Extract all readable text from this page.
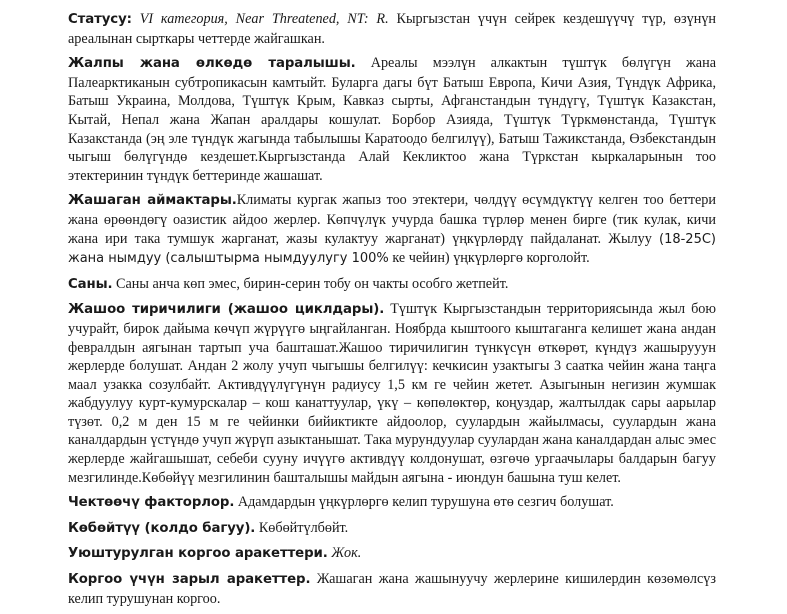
Статусу: VI категория, Near Threatened, NT: R. Кыргызстан үчүн сейрек кездешүүчү түр, өзүнүн ареалынан сырткары четтерде жайгашкан.

Жалпы жана өлкөдө таралышы. Ареалы мээлүн алкактын түштүк бөлүгүн жана Палеарктиканын субтропикасын камтыйт. Буларга дагы бүт Батыш Европа, Кичи Азия, Түндүк Африка, Батыш Украина, Молдова, Түштүк Крым, Кавказ сырты, Афганстандын түндүгү, Түштүк Казакстан, Кытай, Непал жана Жапан аралдары кошулат. Борбор Азияда, Түштүк Түркмөнстанда, Түштүк Казакстанда (эң эле түндүк жагында табылышы Каратоодо белгилүү), Батыш Тажикстанда, Өзбекстандын чыгыш бөлүгүндө кездешет.Кыргызстанда Алай Кекликтоо жана Түркстан кыркаларынын тоо этектеринин түндүк беттеринде жашашат.

Жашаган аймактары.Климаты кургак жапыз тоо этектери, чөлдүү өсүмдүктүү келген тоо беттери жана өрөөндөгү оазистик айдоо жерлер. Көпчүлүк учурда башка түрлөр менен бирге (тик кулак, кичи жана ири така тумшук жарганат, жазы кулактуу жарганат) үңкүрлөрдү пайдаланат. Жылуу (18-25С) жана нымдуу (салыштырма нымдуулугу 100% ке чейин) үңкүрлөргө корголойт.

Саны. Саны анча көп эмес, бирин-серин тобу он чакты особго жетпейт.

Жашоо тиричилиги (жашоо циклдары). Түштүк Кыргызстандын территориясында жыл бою учурайт, бирок дайыма көчүп жүрүүгө ыңгайланган. Ноябрда кыштоого кыштаганга келишет жана андан февралдын аягынан тартып уча башташат.Жашоо тиричилигин түнкүсүн өткөрөт, күндүз жашырууун жерлерде болушат. Андан 2 жолу учуп чыгышы белгилүү: кечкисин узактыгы 3 саатка чейин жана таңга маал узакка созулбайт. Активдүүлүгүнүн радиусу 1,5 км ге чейин жетет. Азыгынын негизин жумшак жабдуулуу курт-кумурскалар – кош канаттуулар, үкү – көпөлөктөр, коңуздар, жалтылдак сары аарылар түзөт. 0,2 м ден 15 м ге чейинки бийиктикте айдоолор, суулардын жайылмасы, суулардын жана каналдардын үстүндө учуп жүрүп азыктанышат. Така мурундуулар суулардан жана каналдардан алыс эмес жерлерде жайгашышат, себеби сууну ичүүгө активдүү колдонушат, өзгөчө ургаачылары балдарын багуу мезгилинде.Көбөйүү мезгилинин башталышы майдын аягына - июндун башына туш келет.

Чектөөчү факторлор. Адамдардын үңкүрлөргө келип турушуна өтө сезгич болушат.

Көбөйтүү (колдо багуу). Көбөйтүлбөйт.

Уюштурулган коргоо аракеттери. Жок.

Коргоо үчүн зарыл аракеттер. Жашаган жана жашынуучу жерлерине кишилердин көзөмөлсүз келип турушунан коргоо.
